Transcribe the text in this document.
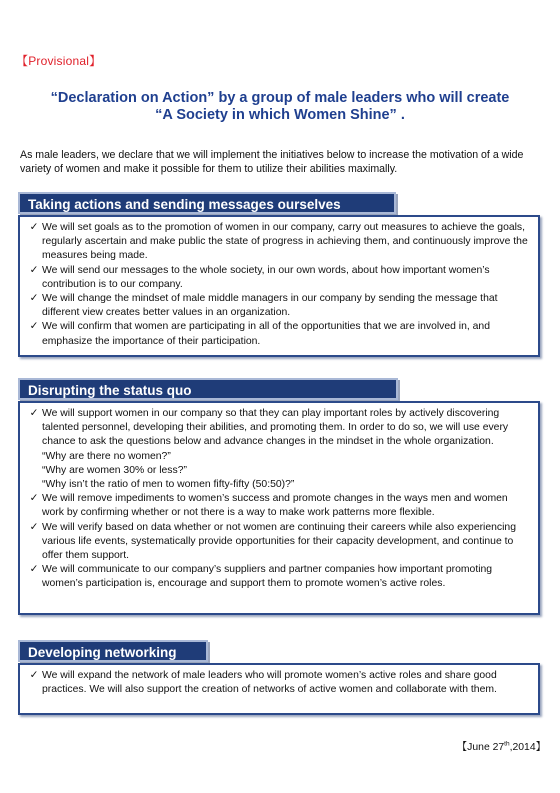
【Provisional】
“Declaration on Action” by a group of male leaders who will create
“A Society in which Women Shine” .
As male leaders, we declare that we will implement the initiatives below to increase the motivation of a wide variety of women and make it possible for them to utilize their abilities maximally.
Taking actions and sending messages ourselves
✓ We will set goals as to the promotion of women in our company, carry out measures to achieve the goals, regularly ascertain and make public the state of progress in achieving them, and continuously improve the measures being made.
✓ We will send our messages to the whole society, in our own words, about how important women’s contribution is to our company.
✓ We will change the mindset of male middle managers in our company by sending the message that different view creates better values in an organization.
✓ We will confirm that women are participating in all of the opportunities that we are involved in, and emphasize the importance of their participation.
Disrupting the status quo
✓ We will support women in our company so that they can play important roles by actively discovering talented personnel, developing their abilities, and promoting them. In order to do so, we will use every chance to ask the questions below and advance changes in the mindset in the whole organization.
“Why are there no women?”
“Why are women 30% or less?”
“Why isn’t the ratio of men to women fifty-fifty (50:50)?”
✓ We will remove impediments to women’s success and promote changes in the ways men and women work by confirming whether or not there is a way to make work patterns more flexible.
✓ We will verify based on data whether or not women are continuing their careers while also experiencing various life events, systematically provide opportunities for their capacity development, and continue to offer them support.
✓ We will communicate to our company’s suppliers and partner companies how important promoting women’s participation is, encourage and support them to promote women’s active roles.
Developing networking
✓ We will expand the network of male leaders who will promote women’s active roles and share good practices. We will also support the creation of networks of active women and collaborate with them.
【June 27th,2014】
